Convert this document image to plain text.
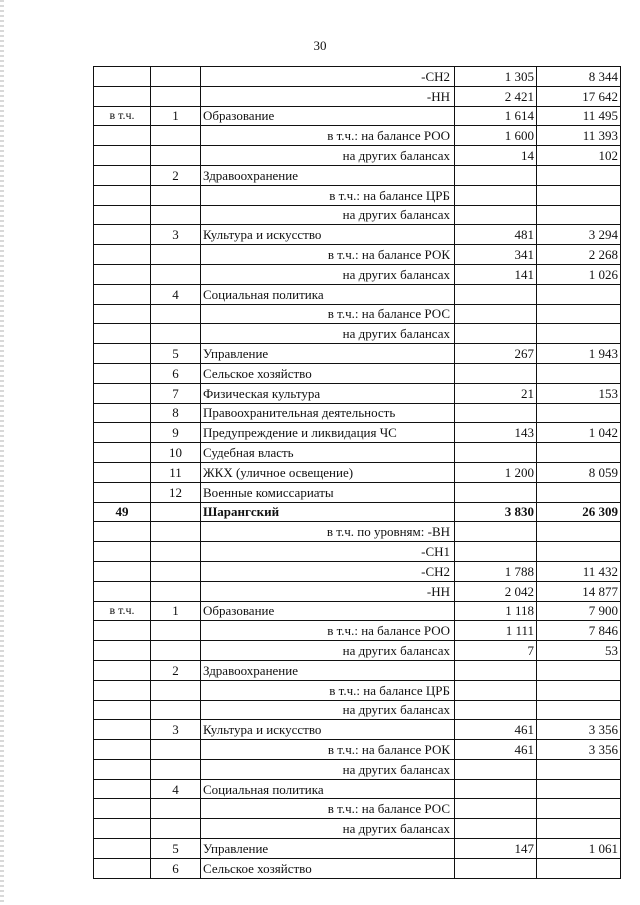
30
		-СН2	1 305	8 344
		-НН	2 421	17 642
в т.ч.	1	Образование	1 614	11 495
		в т.ч.: на балансе РОО	1 600	11 393
		на других балансах	14	102
	2	Здравоохранение		
		в т.ч.: на балансе ЦРБ		
		на других балансах		
	3	Культура и искусство	481	3 294
		в т.ч.: на балансе РОК	341	2 268
		на других балансах	141	1 026
	4	Социальная политика		
		в т.ч.: на балансе РОС		
		на других балансах		
	5	Управление	267	1 943
	6	Сельское хозяйство		
	7	Физическая культура	21	153
	8	Правоохранительная деятельность		
	9	Предупреждение и ликвидация ЧС	143	1 042
	10	Судебная власть		
	11	ЖКХ (уличное освещение)	1 200	8 059
	12	Военные комиссариаты		
49		Шарангский	3 830	26 309
		в т.ч. по уровням: -ВН		
		-СН1		
		-СН2	1 788	11 432
		-НН	2 042	14 877
в т.ч.	1	Образование	1 118	7 900
		в т.ч.: на балансе РОО	1 111	7 846
		на других балансах	7	53
	2	Здравоохранение		
		в т.ч.: на балансе ЦРБ		
		на других балансах		
	3	Культура и искусство	461	3 356
		в т.ч.: на балансе РОК	461	3 356
		на других балансах		
	4	Социальная политика		
		в т.ч.: на балансе РОС		
		на других балансах		
	5	Управление	147	1 061
	6	Сельское хозяйство		
